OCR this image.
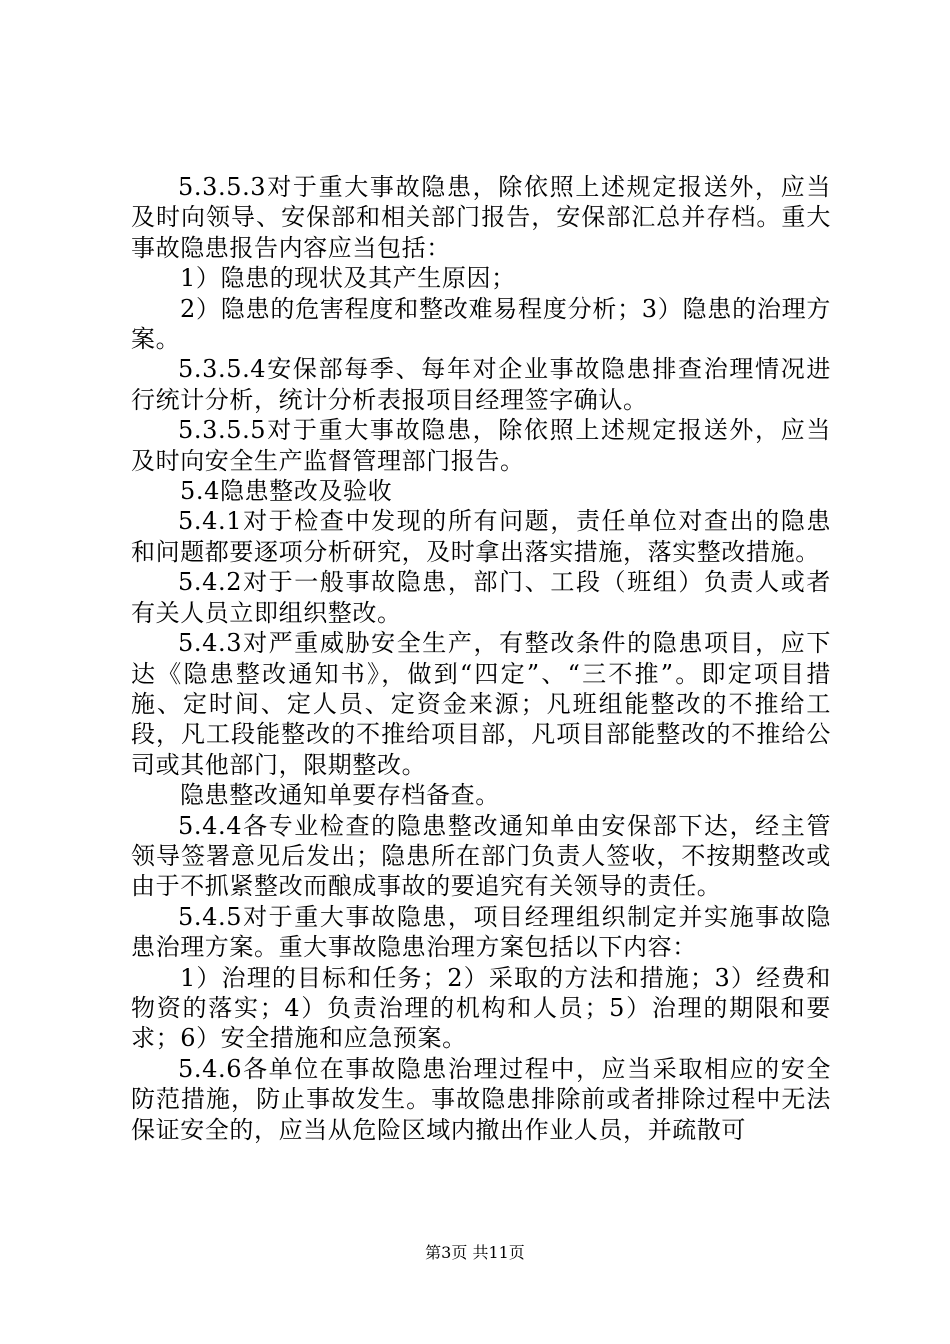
5.3.5.3对于重大事故隐患，除依照上述规定报送外，应当及时向领导、安保部和相关部门报告，安保部汇总并存档。重大事故隐患报告内容应当包括：

1）隐患的现状及其产生原因；

2）隐患的危害程度和整改难易程度分析；3）隐患的治理方案。

5.3.5.4安保部每季、每年对企业事故隐患排查治理情况进行统计分析，统计分析表报项目经理签字确认。

5.3.5.5对于重大事故隐患，除依照上述规定报送外，应当及时向安全生产监督管理部门报告。

5.4隐患整改及验收

5.4.1对于检查中发现的所有问题，责任单位对查出的隐患和问题都要逐项分析研究，及时拿出落实措施，落实整改措施。

5.4.2对于一般事故隐患，部门、工段（班组）负责人或者有关人员立即组织整改。

5.4.3对严重威胁安全生产，有整改条件的隐患项目，应下达《隐患整改通知书》，做到“四定”、“三不推”。即定项目措施、定时间、定人员、定资金来源；凡班组能整改的不推给工段，凡工段能整改的不推给项目部，凡项目部能整改的不推给公司或其他部门，限期整改。

隐患整改通知单要存档备查。

5.4.4各专业检查的隐患整改通知单由安保部下达，经主管领导签署意见后发出；隐患所在部门负责人签收，不按期整改或由于不抓紧整改而酿成事故的要追究有关领导的责任。

5.4.5对于重大事故隐患，项目经理组织制定并实施事故隐患治理方案。重大事故隐患治理方案包括以下内容：

1）治理的目标和任务；2）采取的方法和措施；3）经费和物资的落实；4）负责治理的机构和人员；5）治理的期限和要求；6）安全措施和应急预案。

5.4.6各单位在事故隐患治理过程中，应当采取相应的安全防范措施，防止事故发生。事故隐患排除前或者排除过程中无法保证安全的，应当从危险区域内撤出作业人员，并疏散可

第3页 共11页
